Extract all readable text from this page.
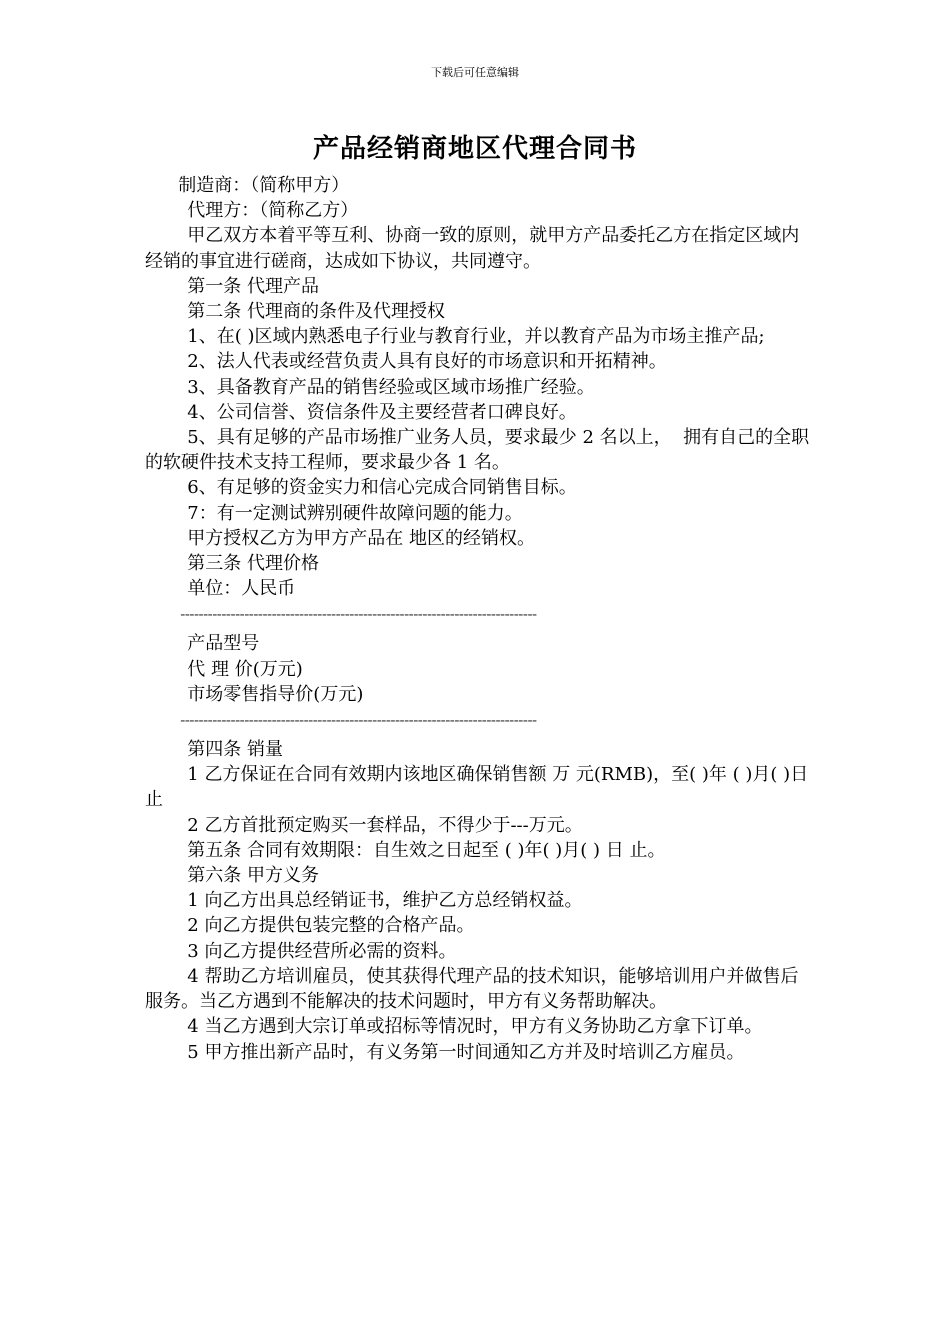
下载后可任意编辑
产品经销商地区代理合同书

制造商：（简称甲方）

代理方：（简称乙方）

甲乙双方本着平等互利、协商一致的原则，就甲方产品委托乙方在指定区域内经销的事宜进行磋商，达成如下协议，共同遵守。

第一条 代理产品

第二条 代理商的条件及代理授权

1、在( )区域内熟悉电子行业与教育行业，并以教育产品为市场主推产品;

2、法人代表或经营负责人具有良好的市场意识和开拓精神。

3、具备教育产品的销售经验或区域市场推广经验。

4、公司信誉、资信条件及主要经营者口碑良好。

5、具有足够的产品市场推广业务人员，要求最少 2 名以上，  拥有自己的全职的软硬件技术支持工程师，要求最少各 1 名。

6、有足够的资金实力和信心完成合同销售目标。

7：有一定测试辨别硬件故障问题的能力。

甲方授权乙方为甲方产品在 地区的经销权。

第三条 代理价格

单位：人民币

------------------------------------------------------------------------------

产品型号

代 理 价(万元)

市场零售指导价(万元)

------------------------------------------------------------------------------

第四条 销量

1 乙方保证在合同有效期内该地区确保销售额 万 元(RMB)，至( )年 ( )月( )日止

2 乙方首批预定购买一套样品，不得少于---万元。

第五条 合同有效期限：自生效之日起至 ( )年( )月( ) 日 止。

第六条 甲方义务

1 向乙方出具总经销证书，维护乙方总经销权益。

2 向乙方提供包装完整的合格产品。

3 向乙方提供经营所必需的资料。

4 帮助乙方培训雇员，使其获得代理产品的技术知识，能够培训用户并做售后服务。当乙方遇到不能解决的技术问题时，甲方有义务帮助解决。

4 当乙方遇到大宗订单或招标等情况时，甲方有义务协助乙方拿下订单。

5 甲方推出新产品时，有义务第一时间通知乙方并及时培训乙方雇员。
